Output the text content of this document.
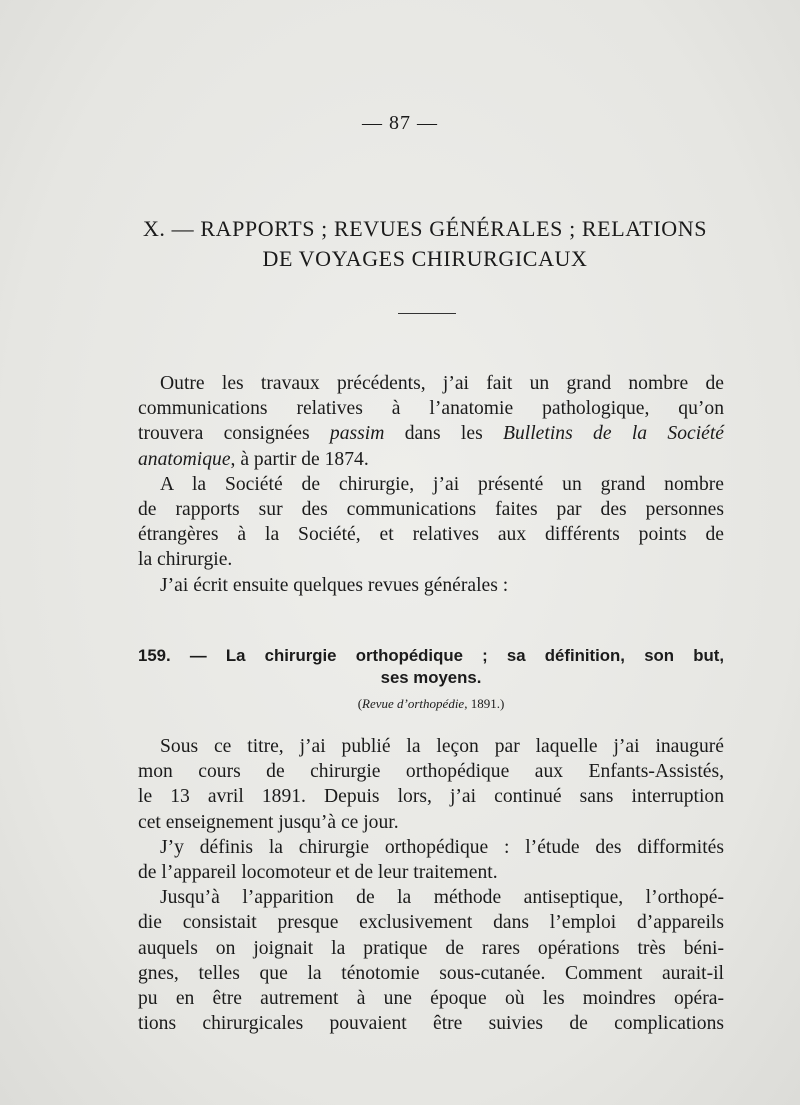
— 87 —
X. — RAPPORTS ; REVUES GÉNÉRALES ; RELATIONS
DE VOYAGES CHIRURGICAUX
Outre les travaux précédents, j’ai fait un grand nombre de
communications relatives à l’anatomie pathologique, qu’on
trouvera consignées passim dans les Bulletins de la Société
anatomique, à partir de 1874.
A la Société de chirurgie, j’ai présenté un grand nombre
de rapports sur des communications faites par des personnes
étrangères à la Société, et relatives aux différents points de
la chirurgie.
J’ai écrit ensuite quelques revues générales :
159. — La chirurgie orthopédique ; sa définition, son but,
ses moyens.
(Revue d’orthopédie, 1891.)
Sous ce titre, j’ai publié la leçon par laquelle j’ai inauguré
mon cours de chirurgie orthopédique aux Enfants-Assistés,
le 13 avril 1891. Depuis lors, j’ai continué sans interruption
cet enseignement jusqu’à ce jour.
J’y définis la chirurgie orthopédique : l’étude des difformités
de l’appareil locomoteur et de leur traitement.
Jusqu’à l’apparition de la méthode antiseptique, l’orthopé-
die consistait presque exclusivement dans l’emploi d’appareils
auquels on joignait la pratique de rares opérations très béni-
gnes, telles que la ténotomie sous-cutanée. Comment aurait-il
pu en être autrement à une époque où les moindres opéra-
tions chirurgicales pouvaient être suivies de complications
